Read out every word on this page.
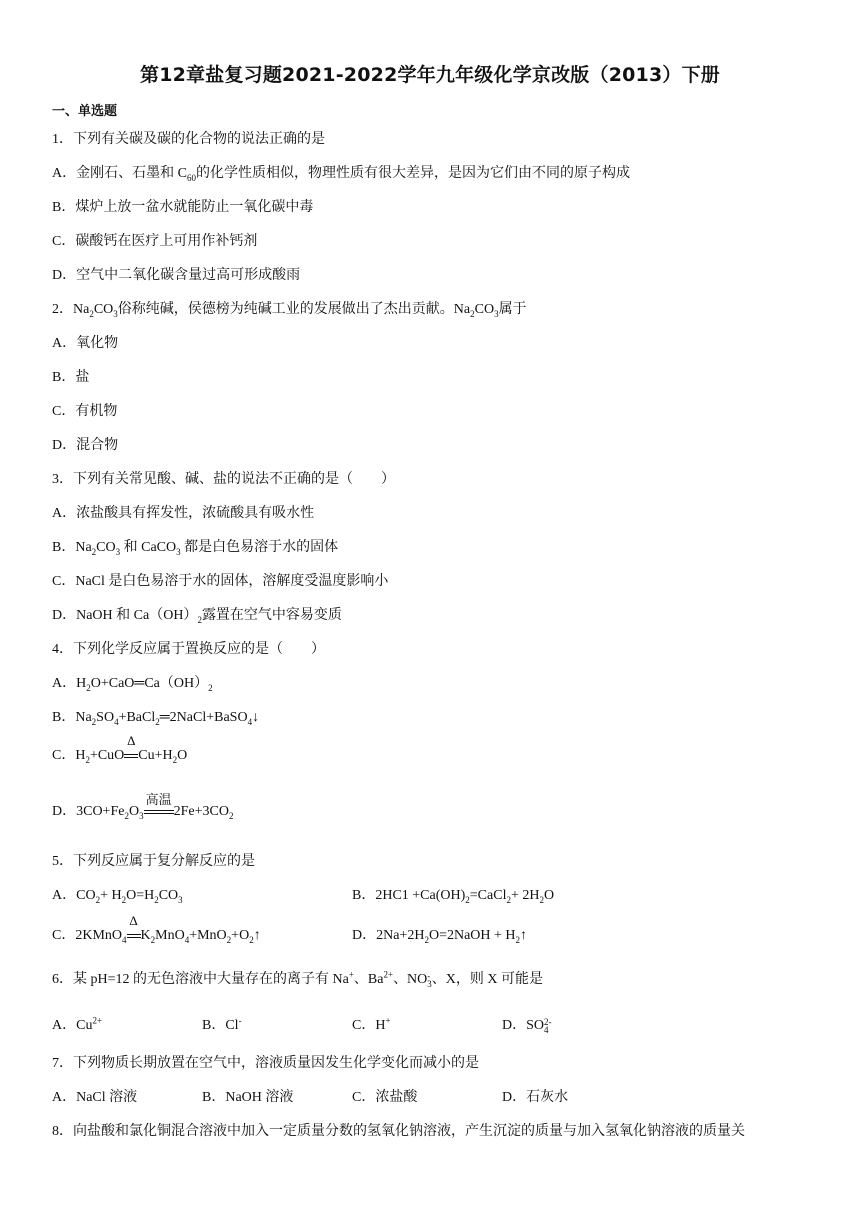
第12章盐复习题2021-2022学年九年级化学京改版（2013）下册
一、单选题
1．下列有关碳及碳的化合物的说法正确的是
A．金刚石、石墨和 $C_{60}$的化学性质相似，物理性质有很大差异，是因为它们由不同的原子构成
B．煤炉上放一盆水就能防止一氧化碳中毒
C．碳酸钙在医疗上可用作补钙剂
D．空气中二氧化碳含量过高可形成酸雨
2．$Na_2CO_3$俗称纯碱，侯德榜为纯碱工业的发展做出了杰出贡献。$Na_2CO_3$属于
A．氧化物
B．盐
C．有机物
D．混合物
3．下列有关常见酸、碱、盐的说法不正确的是（　　）
A．浓盐酸具有挥发性，浓硫酸具有吸水性
B．$Na_2CO_3$ 和 CaCO$_3$ 都是白色易溶于水的固体
C．NaCl 是白色易溶于水的固体，溶解度受温度影响小
D．NaOH 和 $Ca(OH)_2$露置在空气中容易变质
4．下列化学反应属于置换反应的是（　　）
A．$H_2O+CaO═Ca(OH)_2$
B．$Na_2SO_4+BaCl_2═2NaCl+BaSO_4↓$
C．$H_2+CuO$
Δ
$Cu+H_2O$
D．$3CO+Fe_2O_3$
高温
$2Fe+3CO_2$
5．下列反应属于复分解反应的是
A．$CO_2+ H_2O=H_2CO_3$	B．$2HC1 +Ca(OH)_2=CaCl_2+ 2H_2O$
C．2KMnO$_4$
Δ
$K_2MnO_4+MnO_2+O_2↑$	D．$2Na+2H_2O=2NaOH$ + $H_2↑$
6．某 pH=12 的无色溶液中大量存在的离子有 Na+、$Ba^{2+}$、NO -
3 、X，则 X 可能是
A．$Cu^{2+}$	B．Cl-	C．H+	D．SO 2-
4
7．下列物质长期放置在空气中，溶液质量因发生化学变化而减小的是
A．NaCl 溶液	B．NaOH 溶液	C．浓盐酸	D．石灰水
8．向盐酸和氯化铜混合溶液中加入一定质量分数的氢氧化钠溶液，产生沉淀的质量与加入氢氧化钠溶液的质量关
